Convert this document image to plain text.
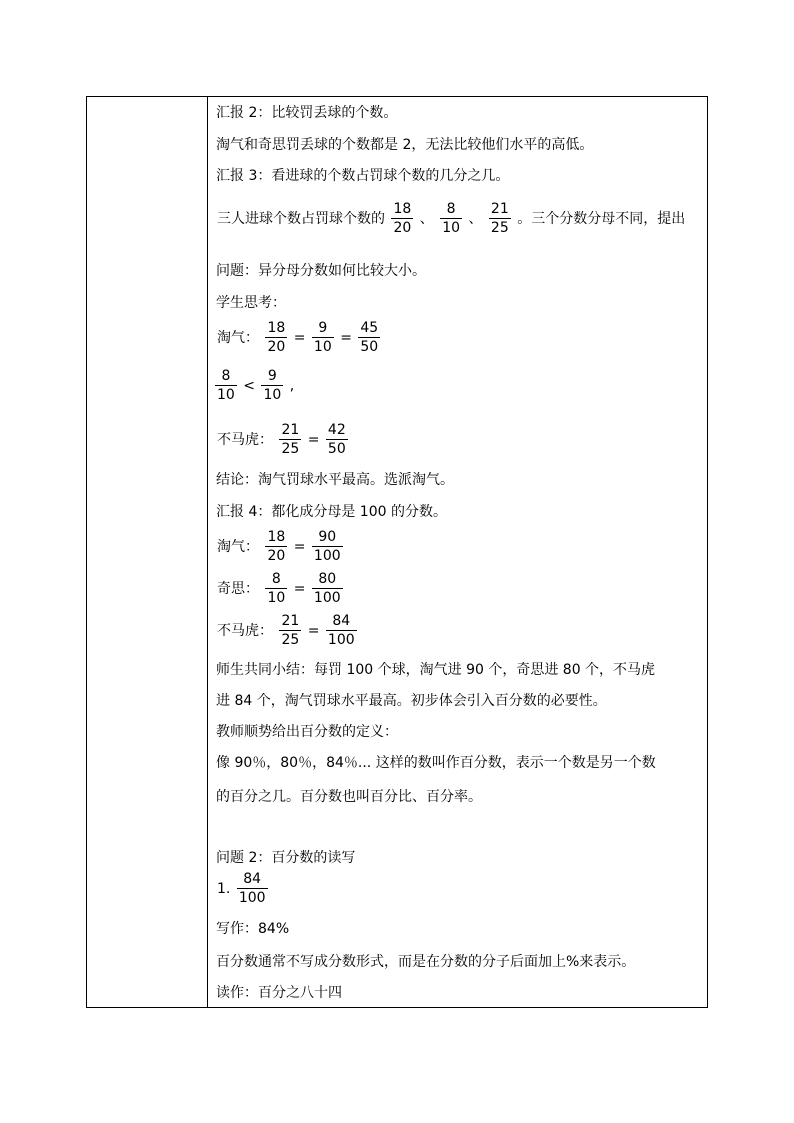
汇报 2：比较罚丢球的个数。
淘气和奇思罚丢球的个数都是 2，无法比较他们水平的高低。
汇报 3：看进球的个数占罚球个数的几分之几。
三人进球个数占罚球个数的 $\frac{18}{20}$ 、 $\frac{8}{10}$ 、 $\frac{21}{25}$ 。三个分数分母不同，提出
问题：异分母分数如何比较大小。
学生思考：
淘气： $\frac{18}{20} = \frac{9}{10} = \frac{45}{50}$
$\frac{8}{10} < \frac{9}{10}$ ,
不马虎： $\frac{21}{25} = \frac{42}{50}$
结论：淘气罚球水平最高。选派淘气。
汇报 4：都化成分母是 100 的分数。
淘气： $\frac{18}{20} = \frac{90}{100}$
奇思： $\frac{8}{10} = \frac{80}{100}$
不马虎： $\frac{21}{25} = \frac{84}{100}$
师生共同小结：每罚 100 个球，淘气进 90 个，奇思进 80 个，不马虎
进 84 个，淘气罚球水平最高。初步体会引入百分数的必要性。
教师顺势给出百分数的定义：
像 90％，80％，84％... 这样的数叫作百分数，表示一个数是另一个数
的百分之几。百分数也叫百分比、百分率。
问题 2：百分数的读写
1. $\frac{84}{100}$
写作：84%
百分数通常不写成分数形式，而是在分数的分子后面加上%来表示。
读作：百分之八十四
